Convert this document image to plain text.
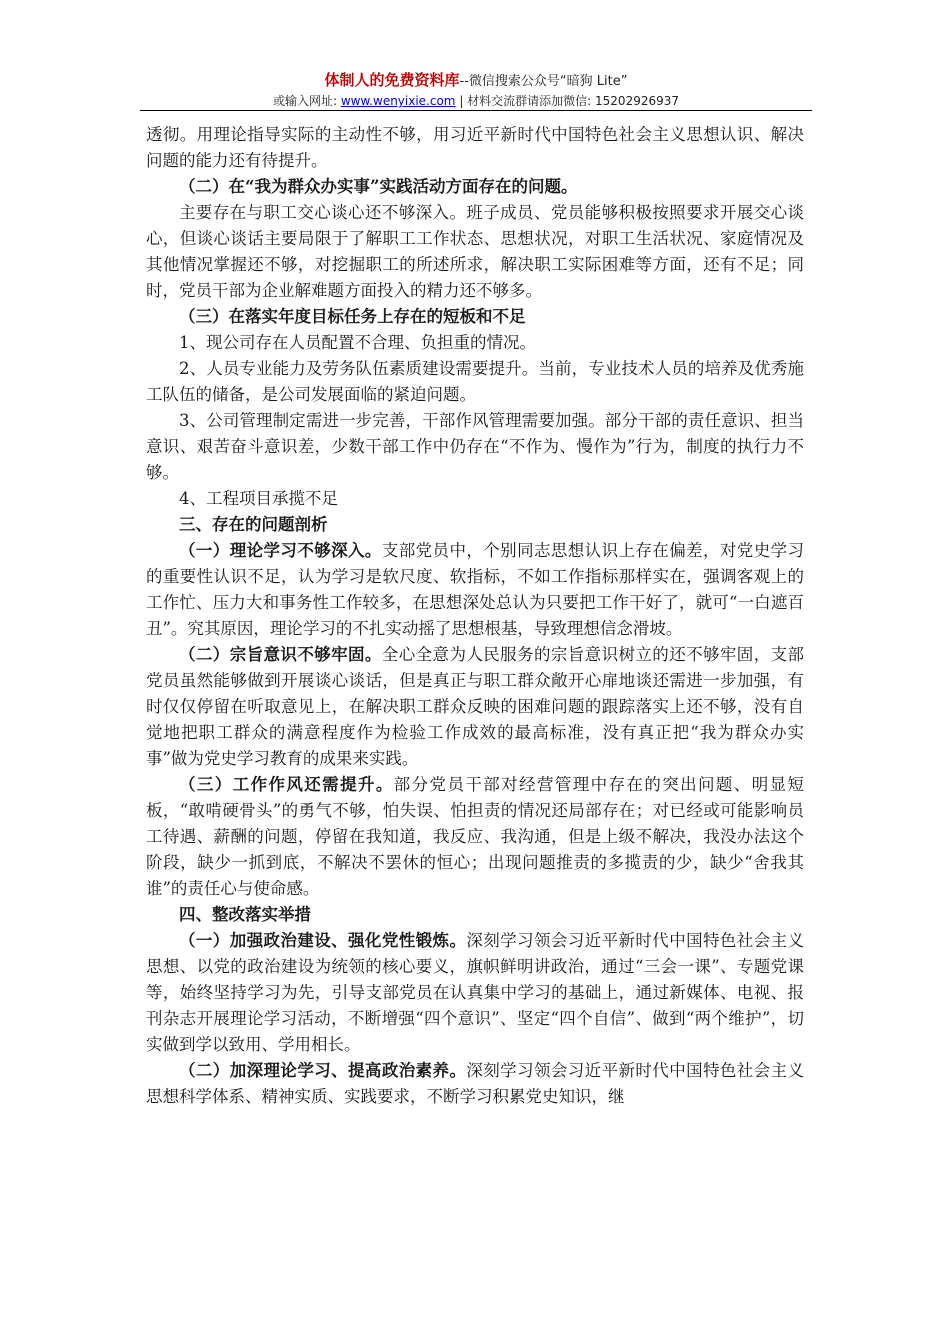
体制人的免费资料库--微信搜索公众号“暗狗 Lite”
或输入网址: www.wenyixie.com | 材料交流群请添加微信: 15202926937

透彻。用理论指导实际的主动性不够，用习近平新时代中国特色社会主义思想认识、解决问题的能力还有待提升。

（二）在“我为群众办实事”实践活动方面存在的问题。

主要存在与职工交心谈心还不够深入。班子成员、党员能够积极按照要求开展交心谈心，但谈心谈话主要局限于了解职工工作状态、思想状况，对职工生活状况、家庭情况及其他情况掌握还不够，对挖掘职工的所述所求，解决职工实际困难等方面，还有不足；同时，党员干部为企业解难题方面投入的精力还不够多。

（三）在落实年度目标任务上存在的短板和不足

1、现公司存在人员配置不合理、负担重的情况。

2、人员专业能力及劳务队伍素质建设需要提升。当前，专业技术人员的培养及优秀施工队伍的储备，是公司发展面临的紧迫问题。

3、公司管理制定需进一步完善，干部作风管理需要加强。部分干部的责任意识、担当意识、艰苦奋斗意识差，少数干部工作中仍存在“不作为、慢作为”行为，制度的执行力不够。

4、工程项目承揽不足

三、存在的问题剖析

（一）理论学习不够深入。支部党员中，个别同志思想认识上存在偏差，对党史学习的重要性认识不足，认为学习是软尺度、软指标，不如工作指标那样实在，强调客观上的工作忙、压力大和事务性工作较多，在思想深处总认为只要把工作干好了，就可“一白遮百丑”。究其原因，理论学习的不扎实动摇了思想根基，导致理想信念滑坡。

（二）宗旨意识不够牢固。全心全意为人民服务的宗旨意识树立的还不够牢固，支部党员虽然能够做到开展谈心谈话，但是真正与职工群众敞开心扉地谈还需进一步加强，有时仅仅停留在听取意见上，在解决职工群众反映的困难问题的跟踪落实上还不够，没有自觉地把职工群众的满意程度作为检验工作成效的最高标准，没有真正把“我为群众办实事”做为党史学习教育的成果来实践。

（三）工作作风还需提升。部分党员干部对经营管理中存在的突出问题、明显短板，“敢啃硬骨头”的勇气不够，怕失误、怕担责的情况还局部存在；对已经或可能影响员工待遇、薪酬的问题，停留在我知道，我反应、我沟通，但是上级不解决，我没办法这个阶段，缺少一抓到底，不解决不罢休的恒心；出现问题推责的多揽责的少，缺少“舍我其谁”的责任心与使命感。

四、整改落实举措

（一）加强政治建设、强化党性锻炼。深刻学习领会习近平新时代中国特色社会主义思想、以党的政治建设为统领的核心要义，旗帜鲜明讲政治，通过“三会一课”、专题党课等，始终坚持学习为先，引导支部党员在认真集中学习的基础上，通过新媒体、电视、报刊杂志开展理论学习活动，不断增强“四个意识”、坚定“四个自信”、做到“两个维护”，切实做到学以致用、学用相长。

（二）加深理论学习、提高政治素养。深刻学习领会习近平新时代中国特色社会主义思想科学体系、精神实质、实践要求，不断学习积累党史知识，继
